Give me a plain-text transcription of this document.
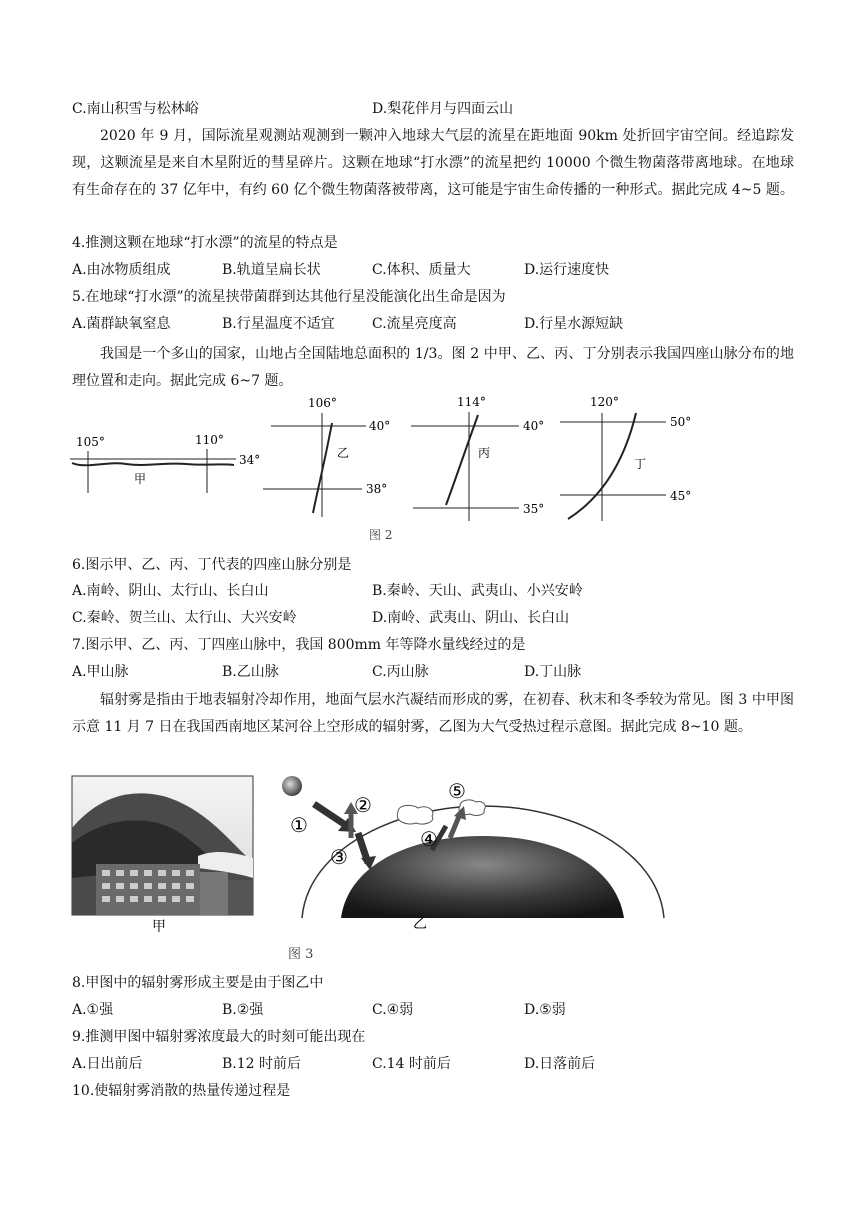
C.南山积雪与松林峪	D.梨花伴月与四面云山
2020 年 9 月，国际流星观测站观测到一颗冲入地球大气层的流星在距地面 90km 处折回宇宙空间。经追踪发现，这颗流星是来自木星附近的彗星碎片。这颗在地球“打水漂”的流星把约 10000 个微生物菌落带离地球。在地球有生命存在的 37 亿年中，有约 60 亿个微生物菌落被带离，这可能是宇宙生命传播的一种形式。据此完成 4~5 题。
4.推测这颗在地球“打水漂”的流星的特点是
A.由冰物质组成	B.轨道呈扁长状	C.体积、质量大	D.运行速度快
5.在地球“打水漂”的流星挟带菌群到达其他行星没能演化出生命是因为
A.菌群缺氧窒息	B.行星温度不适宜	C.流星亮度高	D.行星水源短缺
我国是一个多山的国家，山地占全国陆地总面积的 1/3。图 2 中甲、乙、丙、丁分别表示我国四座山脉分布的地理位置和走向。据此完成 6~7 题。
105°	110°
34°
甲
106°
40°
38°
乙
114°
40°
35°
丙
120°
50°
45°
丁
图 2
6.图示甲、乙、丙、丁代表的四座山脉分别是
A.南岭、阴山、太行山、长白山	B.秦岭、天山、武夷山、小兴安岭
C.秦岭、贺兰山、太行山、大兴安岭	D.南岭、武夷山、阴山、长白山
7.图示甲、乙、丙、丁四座山脉中，我国 800mm 年等降水量线经过的是
A.甲山脉	B.乙山脉	C.丙山脉	D.丁山脉
辐射雾是指由于地表辐射冷却作用，地面气层水汽凝结而形成的雾，在初春、秋末和冬季较为常见。图 3 中甲图示意 11 月 7 日在我国西南地区某河谷上空形成的辐射雾，乙图为大气受热过程示意图。据此完成 8~10 题。
甲
①
②
③
⑤
④
乙
图 3
8.甲图中的辐射雾形成主要是由于图乙中
A.①强	B.②强	C.④弱	D.⑤弱
9.推测甲图中辐射雾浓度最大的时刻可能出现在
A.日出前后	B.12 时前后	C.14 时前后	D.日落前后
10.使辐射雾消散的热量传递过程是
